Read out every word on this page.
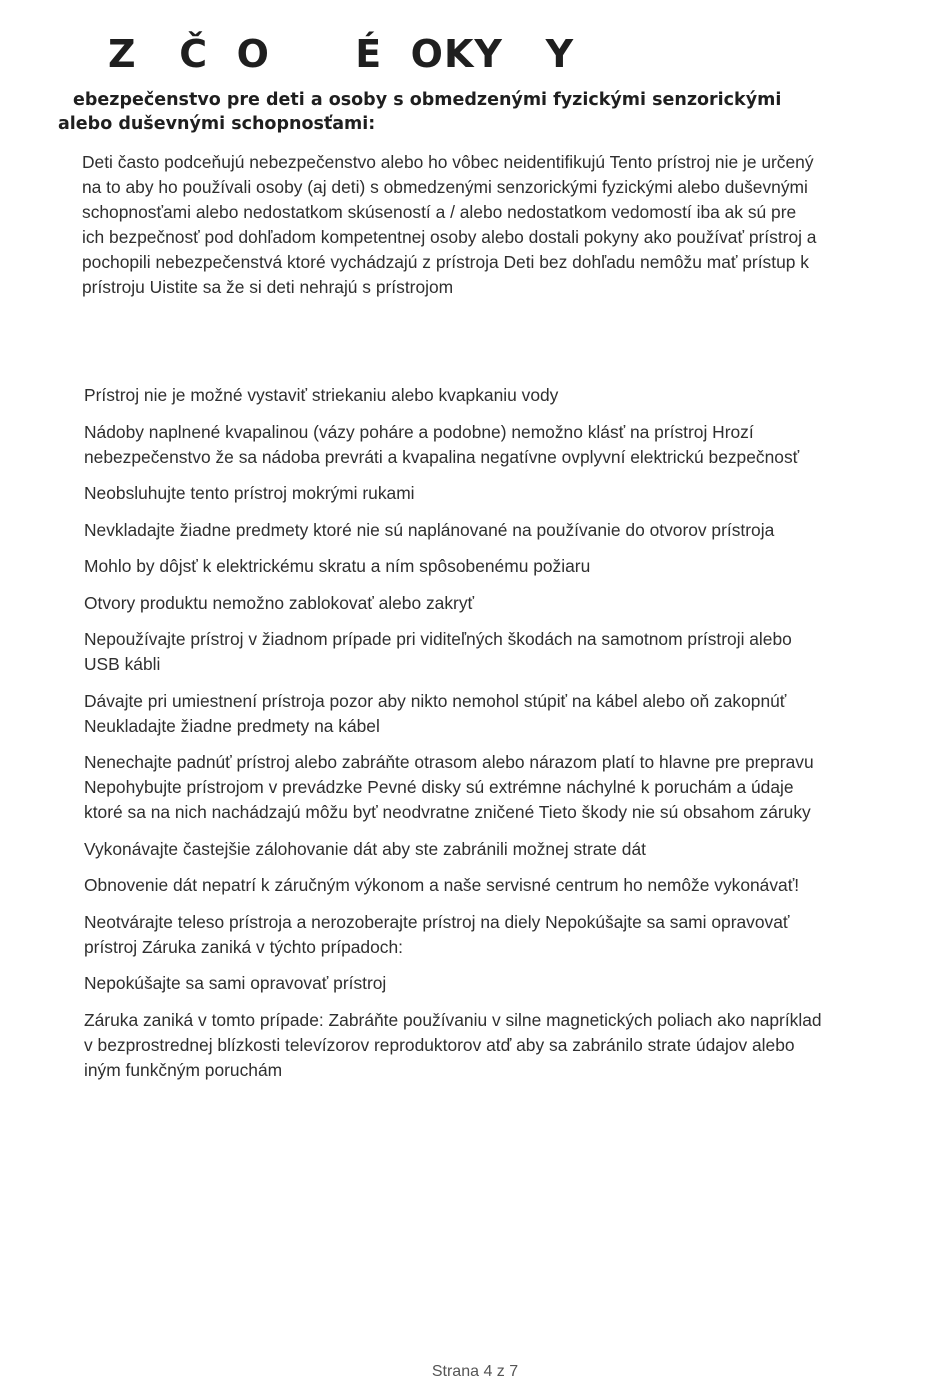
Z   Č  O      É  OKY   Y
ebezpečenstvo pre deti a osoby s obmedzenými fyzickými senzorickými
alebo duševnými schopnosťami:

Deti často podceňujú nebezpečenstvo alebo ho vôbec neidentifikujú Tento prístroj nie je určený
na to aby ho používali osoby (aj deti) s obmedzenými senzorickými fyzickými alebo duševnými
schopnosťami alebo nedostatkom skúseností a / alebo nedostatkom vedomostí iba ak sú pre
ich bezpečnosť pod dohľadom kompetentnej osoby alebo dostali pokyny ako používať prístroj a
pochopili nebezpečenstvá ktoré vychádzajú z prístroja Deti bez dohľadu nemôžu mať prístup k
prístroju Uistite sa že si deti nehrajú s prístrojom

Prístroj nie je možné vystaviť striekaniu alebo kvapkaniu vody
Nádoby naplnené kvapalinou (vázy poháre a podobne) nemožno klásť na prístroj Hrozí
nebezpečenstvo že sa nádoba prevráti a kvapalina negatívne ovplyvní elektrickú bezpečnosť
Neobsluhujte tento prístroj mokrými rukami
Nevkladajte žiadne predmety ktoré nie sú naplánované na používanie do otvorov prístroja
Mohlo by dôjsť k elektrickému skratu a ním spôsobenému požiaru
Otvory produktu nemožno zablokovať alebo zakryť
Nepoužívajte prístroj v žiadnom prípade pri viditeľných škodách na samotnom prístroji alebo
USB kábli
Dávajte pri umiestnení prístroja pozor aby nikto nemohol stúpiť na kábel alebo oň zakopnúť
Neukladajte žiadne predmety na kábel
Nenechajte padnúť prístroj alebo zabráňte otrasom alebo nárazom platí to hlavne pre prepravu
Nepohybujte prístrojom v prevádzke Pevné disky sú extrémne náchylné k poruchám a údaje
ktoré sa na nich nachádzajú môžu byť neodvratne zničené Tieto škody nie sú obsahom záruky
Vykonávajte častejšie zálohovanie dát aby ste zabránili možnej strate dát
Obnovenie dát nepatrí k záručným výkonom a naše servisné centrum ho nemôže vykonávať!
Neotvárajte teleso prístroja a nerozoberajte prístroj na diely Nepokúšajte sa sami opravovať
prístroj Záruka zaniká v týchto prípadoch:
Nepokúšajte sa sami opravovať prístroj
Záruka zaniká v tomto prípade: Zabráňte používaniu v silne magnetických poliach ako napríklad
v bezprostrednej blízkosti televízorov reproduktorov atď aby sa zabránilo strate údajov alebo
iným funkčným poruchám
Strana 4 z 7
